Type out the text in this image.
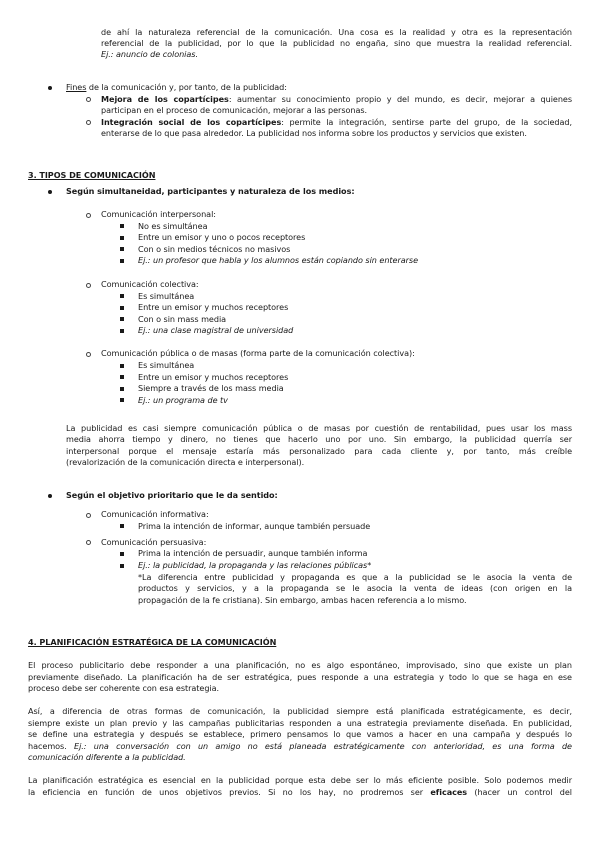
de ahí la naturaleza referencial de la comunicación. Una cosa es la realidad y otra es la representación

referencial de la publicidad, por lo que la publicidad no engaña, sino que muestra la realidad referencial.

Ej.: anuncio de colonias.

Fines de la comunicación y, por tanto, de la publicidad:

Mejora de los copartícipes: aumentar su conocimiento propio y del mundo, es decir, mejorar a quienes

participan en el proceso de comunicación, mejorar a las personas.

Integración social de los copartícipes: permite la integración, sentirse parte del grupo, de la sociedad,

enterarse de lo que pasa alrededor. La publicidad nos informa sobre los productos y servicios que existen.

3. TIPOS DE COMUNICACIÓN

Según simultaneidad, participantes y naturaleza de los medios:

Comunicación interpersonal:

No es simultánea

Entre un emisor y uno o pocos receptores

Con o sin medios técnicos no masivos

Ej.: un profesor que habla y los alumnos están copiando sin enterarse

Comunicación colectiva:

Es simultánea

Entre un emisor y muchos receptores

Con o sin mass media

Ej.: una clase magistral de universidad

Comunicación pública o de masas (forma parte de la comunicación colectiva):

Es simultánea

Entre un emisor y muchos receptores

Siempre a través de los mass media

Ej.: un programa de tv

La publicidad es casi siempre comunicación pública o de masas por cuestión de rentabilidad, pues usar los mass

media ahorra tiempo y dinero, no tienes que hacerlo uno por uno. Sin embargo, la publicidad querría ser

interpersonal porque el mensaje estaría más personalizado para cada cliente y, por tanto, más creíble

(revalorización de la comunicación directa e interpersonal).

Según el objetivo prioritario que le da sentido:

Comunicación informativa:

Prima la intención de informar, aunque también persuade

Comunicación persuasiva:

Prima la intención de persuadir, aunque también informa

Ej.: la publicidad, la propaganda y las relaciones públicas*

*La diferencia entre publicidad y propaganda es que a la publicidad se le asocia la venta de

productos y servicios, y a la propaganda se le asocia la venta de ideas (con origen en la

propagación de la fe cristiana). Sin embargo, ambas hacen referencia a lo mismo.

4. PLANIFICACIÓN ESTRATÉGICA DE LA COMUNICACIÓN

El proceso publicitario debe responder a una planificación, no es algo espontáneo, improvisado, sino que existe un plan

previamente diseñado. La planificación ha de ser estratégica, pues responde a una estrategia y todo lo que se haga en ese

proceso debe ser coherente con esa estrategia.

Así, a diferencia de otras formas de comunicación, la publicidad siempre está planificada estratégicamente, es decir,

siempre existe un plan previo y las campañas publicitarias responden a una estrategia previamente diseñada. En publicidad,

se define una estrategia y después se establece, primero pensamos lo que vamos a hacer en una campaña y después lo

hacemos. Ej.: una conversación con un amigo no está planeada estratégicamente con anterioridad, es una forma de

comunicación diferente a la publicidad.

La planificación estratégica es esencial en la publicidad porque esta debe ser lo más eficiente posible. Solo podemos medir

la eficiencia en función de unos objetivos previos. Si no los hay, no prodremos ser eficaces (hacer un control del
